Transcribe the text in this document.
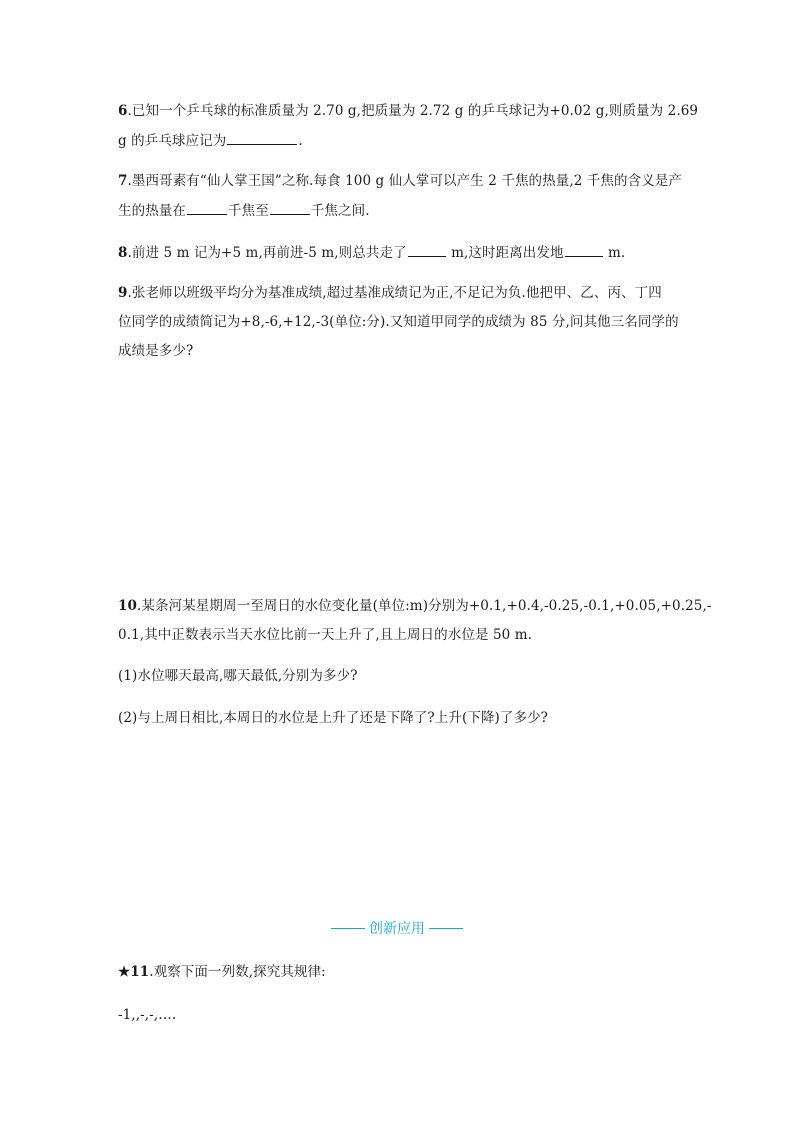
6.已知一个乒乓球的标准质量为 2.70 g,把质量为 2.72 g 的乒乓球记为+0.02 g,则质量为 2.69
g 的乒乓球应记为	.
7.墨西哥素有“仙人掌王国”之称.每食 100 g 仙人掌可以产生 2 千焦的热量,2 千焦的含义是产
生的热量在	千焦至	千焦之间.
8.前进 5 m 记为+5 m,再前进-5 m,则总共走了	m,这时距离出发地	m.
9.张老师以班级平均分为基准成绩,超过基准成绩记为正,不足记为负.他把甲、乙、丙、丁四
位同学的成绩简记为+8,-6,+12,-3(单位:分).又知道甲同学的成绩为 85 分,问其他三名同学的
成绩是多少?
10.某条河某星期周一至周日的水位变化量(单位:m)分别为+0.1,+0.4,-0.25,-0.1,+0.05,+0.25,-
0.1,其中正数表示当天水位比前一天上升了,且上周日的水位是 50 m.
(1)水位哪天最高,哪天最低,分别为多少?
(2)与上周日相比,本周日的水位是上升了还是下降了?上升(下降)了多少?
创新应用
★11.观察下面一列数,探究其规律:
-1,,-,-,….
